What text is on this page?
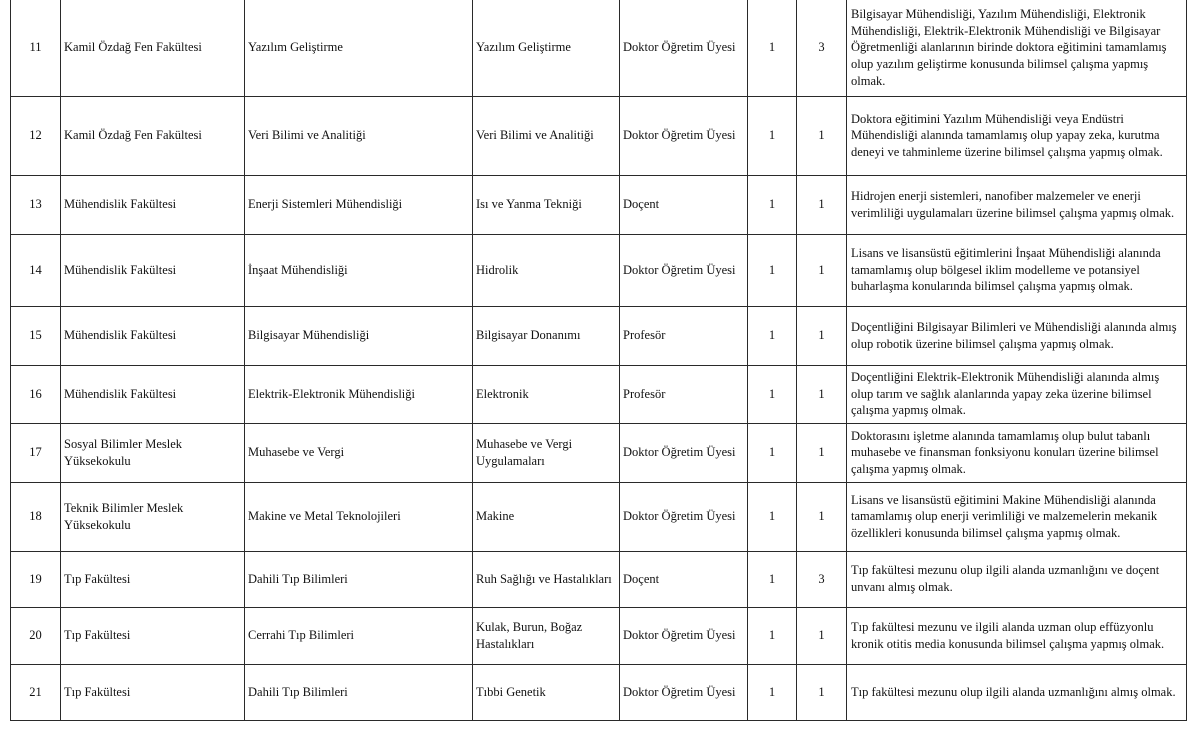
11	Kamil Özdağ Fen Fakültesi	Yazılım Geliştirme	Yazılım Geliştirme	Doktor Öğretim Üyesi	1	3	Bilgisayar Mühendisliği, Yazılım Mühendisliği, Elektronik Mühendisliği, Elektrik-Elektronik Mühendisliği ve Bilgisayar Öğretmenliği alanlarının birinde doktora eğitimini tamamlamış olup yazılım geliştirme konusunda bilimsel çalışma yapmış olmak.
12	Kamil Özdağ Fen Fakültesi	Veri Bilimi ve Analitiği	Veri Bilimi ve Analitiği	Doktor Öğretim Üyesi	1	1	Doktora eğitimini Yazılım Mühendisliği veya Endüstri Mühendisliği alanında tamamlamış olup yapay zeka, kurutma deneyi ve tahminleme üzerine bilimsel çalışma yapmış olmak.
13	Mühendislik Fakültesi	Enerji Sistemleri Mühendisliği	Isı ve Yanma Tekniği	Doçent	1	1	Hidrojen enerji sistemleri, nanofiber malzemeler ve enerji verimliliği uygulamaları üzerine bilimsel çalışma yapmış olmak.
14	Mühendislik Fakültesi	İnşaat Mühendisliği	Hidrolik	Doktor Öğretim Üyesi	1	1	Lisans ve lisansüstü eğitimlerini İnşaat Mühendisliği alanında tamamlamış olup bölgesel iklim modelleme ve potansiyel buharlaşma konularında bilimsel çalışma yapmış olmak.
15	Mühendislik Fakültesi	Bilgisayar Mühendisliği	Bilgisayar Donanımı	Profesör	1	1	Doçentliğini Bilgisayar Bilimleri ve Mühendisliği alanında almış olup robotik üzerine bilimsel çalışma yapmış olmak.
16	Mühendislik Fakültesi	Elektrik-Elektronik Mühendisliği	Elektronik	Profesör	1	1	Doçentliğini Elektrik-Elektronik Mühendisliği alanında almış olup tarım ve sağlık alanlarında yapay zeka üzerine bilimsel çalışma yapmış olmak.
17	Sosyal Bilimler Meslek Yüksekokulu	Muhasebe ve Vergi	Muhasebe ve Vergi Uygulamaları	Doktor Öğretim Üyesi	1	1	Doktorasını işletme alanında tamamlamış olup bulut tabanlı muhasebe ve finansman fonksiyonu konuları üzerine bilimsel çalışma yapmış olmak.
18	Teknik Bilimler Meslek Yüksekokulu	Makine ve Metal Teknolojileri	Makine	Doktor Öğretim Üyesi	1	1	Lisans ve lisansüstü eğitimini Makine Mühendisliği alanında tamamlamış olup enerji verimliliği ve malzemelerin mekanik özellikleri konusunda bilimsel çalışma yapmış olmak.
19	Tıp Fakültesi	Dahili Tıp Bilimleri	Ruh Sağlığı ve Hastalıkları	Doçent	1	3	Tıp fakültesi mezunu olup ilgili alanda uzmanlığını ve doçent unvanı almış olmak.
20	Tıp Fakültesi	Cerrahi Tıp Bilimleri	Kulak, Burun, Boğaz Hastalıkları	Doktor Öğretim Üyesi	1	1	Tıp fakültesi mezunu ve ilgili alanda uzman olup effüzyonlu kronik otitis media konusunda bilimsel çalışma yapmış olmak.
21	Tıp Fakültesi	Dahili Tıp Bilimleri	Tıbbi Genetik	Doktor Öğretim Üyesi	1	1	Tıp fakültesi mezunu olup ilgili alanda uzmanlığını almış olmak.
